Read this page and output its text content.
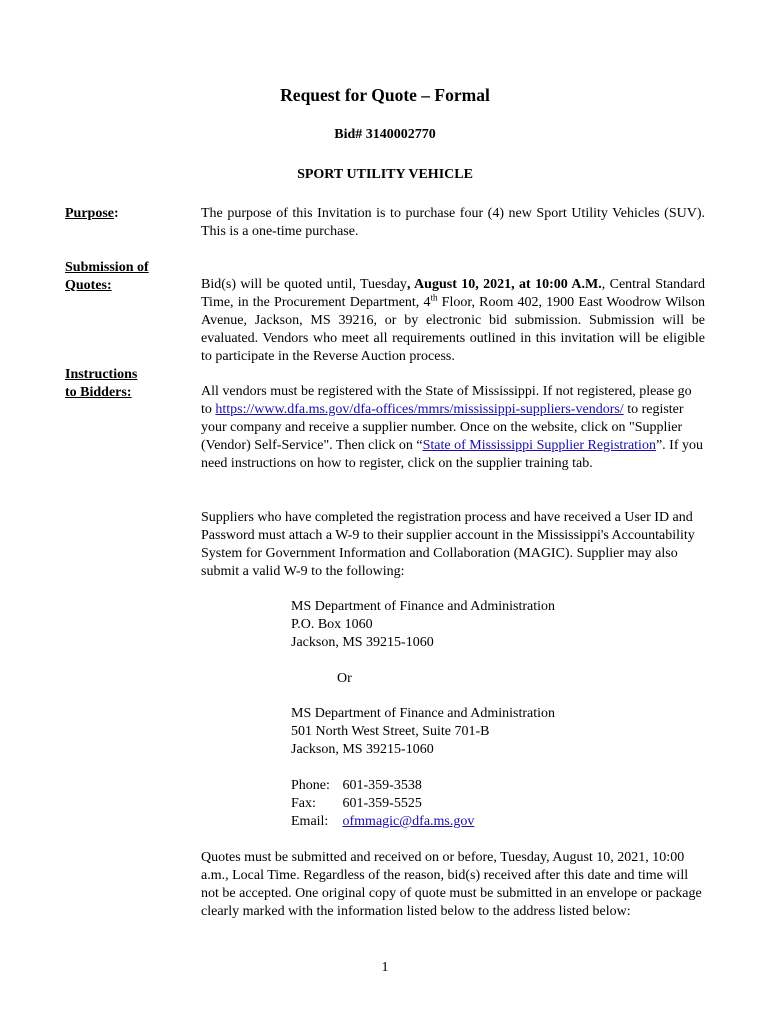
Request for Quote – Formal
Bid# 3140002770
SPORT UTILITY VEHICLE
Purpose:	The purpose of this Invitation is to purchase four (4) new Sport Utility Vehicles (SUV). This is a one-time purchase.
Submission of
Quotes:	Bid(s) will be quoted until, Tuesday, August 10, 2021, at 10:00 A.M., Central Standard Time, in the Procurement Department, 4th Floor, Room 402, 1900 East Woodrow Wilson Avenue, Jackson, MS 39216, or by electronic bid submission. Submission will be evaluated. Vendors who meet all requirements outlined in this invitation will be eligible to participate in the Reverse Auction process.
Instructions
to Bidders:	All vendors must be registered with the State of Mississippi. If not registered, please go to https://www.dfa.ms.gov/dfa-offices/mmrs/mississippi-suppliers-vendors/ to register your company and receive a supplier number. Once on the website, click on "Supplier (Vendor) Self-Service". Then click on “State of Mississippi Supplier Registration”. If you need instructions on how to register, click on the supplier training tab.
Suppliers who have completed the registration process and have received a User ID and Password must attach a W-9 to their supplier account in the Mississippi's Accountability System for Government Information and Collaboration (MAGIC). Supplier may also submit a valid W-9 to the following:
MS Department of Finance and Administration
P.O. Box 1060
Jackson, MS 39215-1060
Or
MS Department of Finance and Administration
501 North West Street, Suite 701-B
Jackson, MS 39215-1060
Phone: 601-359-3538
Fax: 601-359-5525
Email: ofmmagic@dfa.ms.gov
Quotes must be submitted and received on or before, Tuesday, August 10, 2021, 10:00 a.m., Local Time. Regardless of the reason, bid(s) received after this date and time will not be accepted. One original copy of quote must be submitted in an envelope or package clearly marked with the information listed below to the address listed below:
1
